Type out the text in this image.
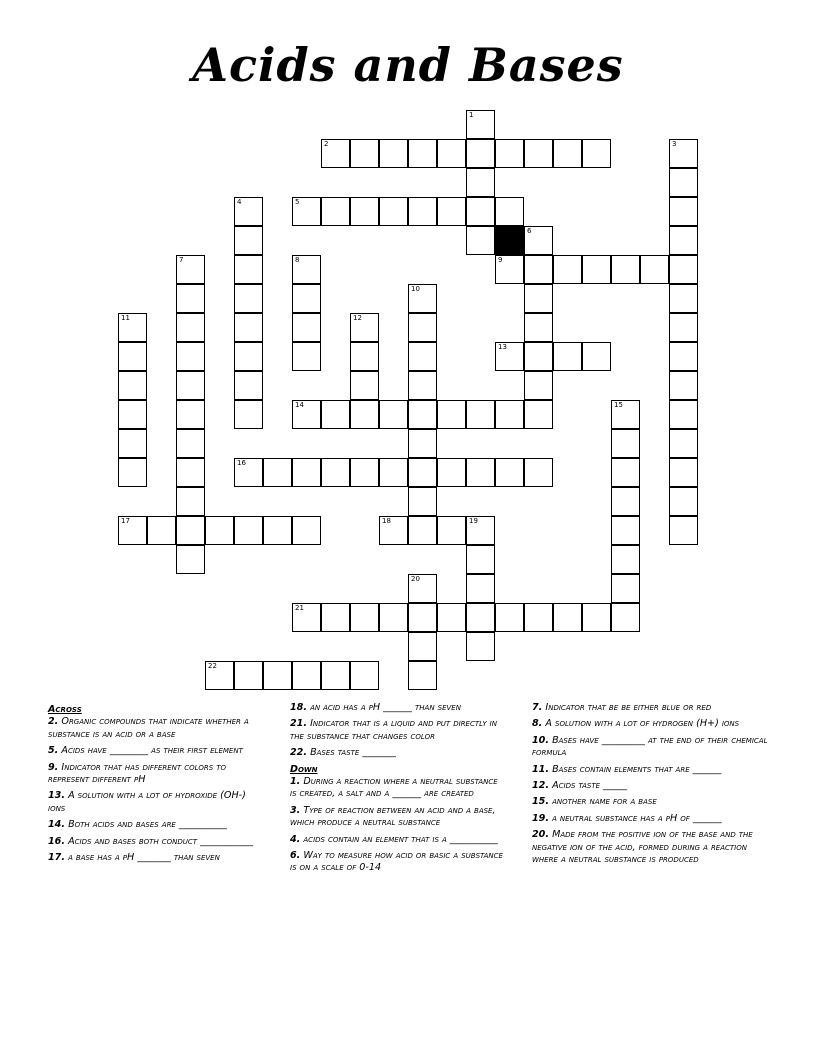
Acids and Bases
2
5
9
13
14
16
17	18	19
21
22
1
3
4
6
7	8
10
11	12
15
20
Across
2. Organic compounds that indicate whether a substance is an acid or a base
5. Acids have ________ as their first element
9. Indicator that has different colors to represent different pH
13. A solution with a lot of hydroxide (OH-) ions
14. Both acids and bases are __________
16. Acids and bases both conduct ___________
17. a base has a pH _______ than seven
18. an acid has a pH ______ than seven
21. Indicator that is a liquid and put directly in the substance that changes color
22. Bases taste _______
Down
1. During a reaction where a neutral substance is created, a salt and a ______ are created
3. Type of reaction between an acid and a base, which produce a neutral substance
4. acids contain an element that is a __________
6. Way to measure how acid or basic a substance is on a scale of 0-14
7. Indicator that be be either blue or red
8. A solution with a lot of hydrogen (H+) ions
10. Bases have _________ at the end of their chemical formula
11. Bases contain elements that are ______
12. Acids taste _____
15. another name for a base
19. a neutral substance has a pH of ______
20. Made from the positive ion of the base and the negative ion of the acid, formed during a reaction where a neutral substance is produced
